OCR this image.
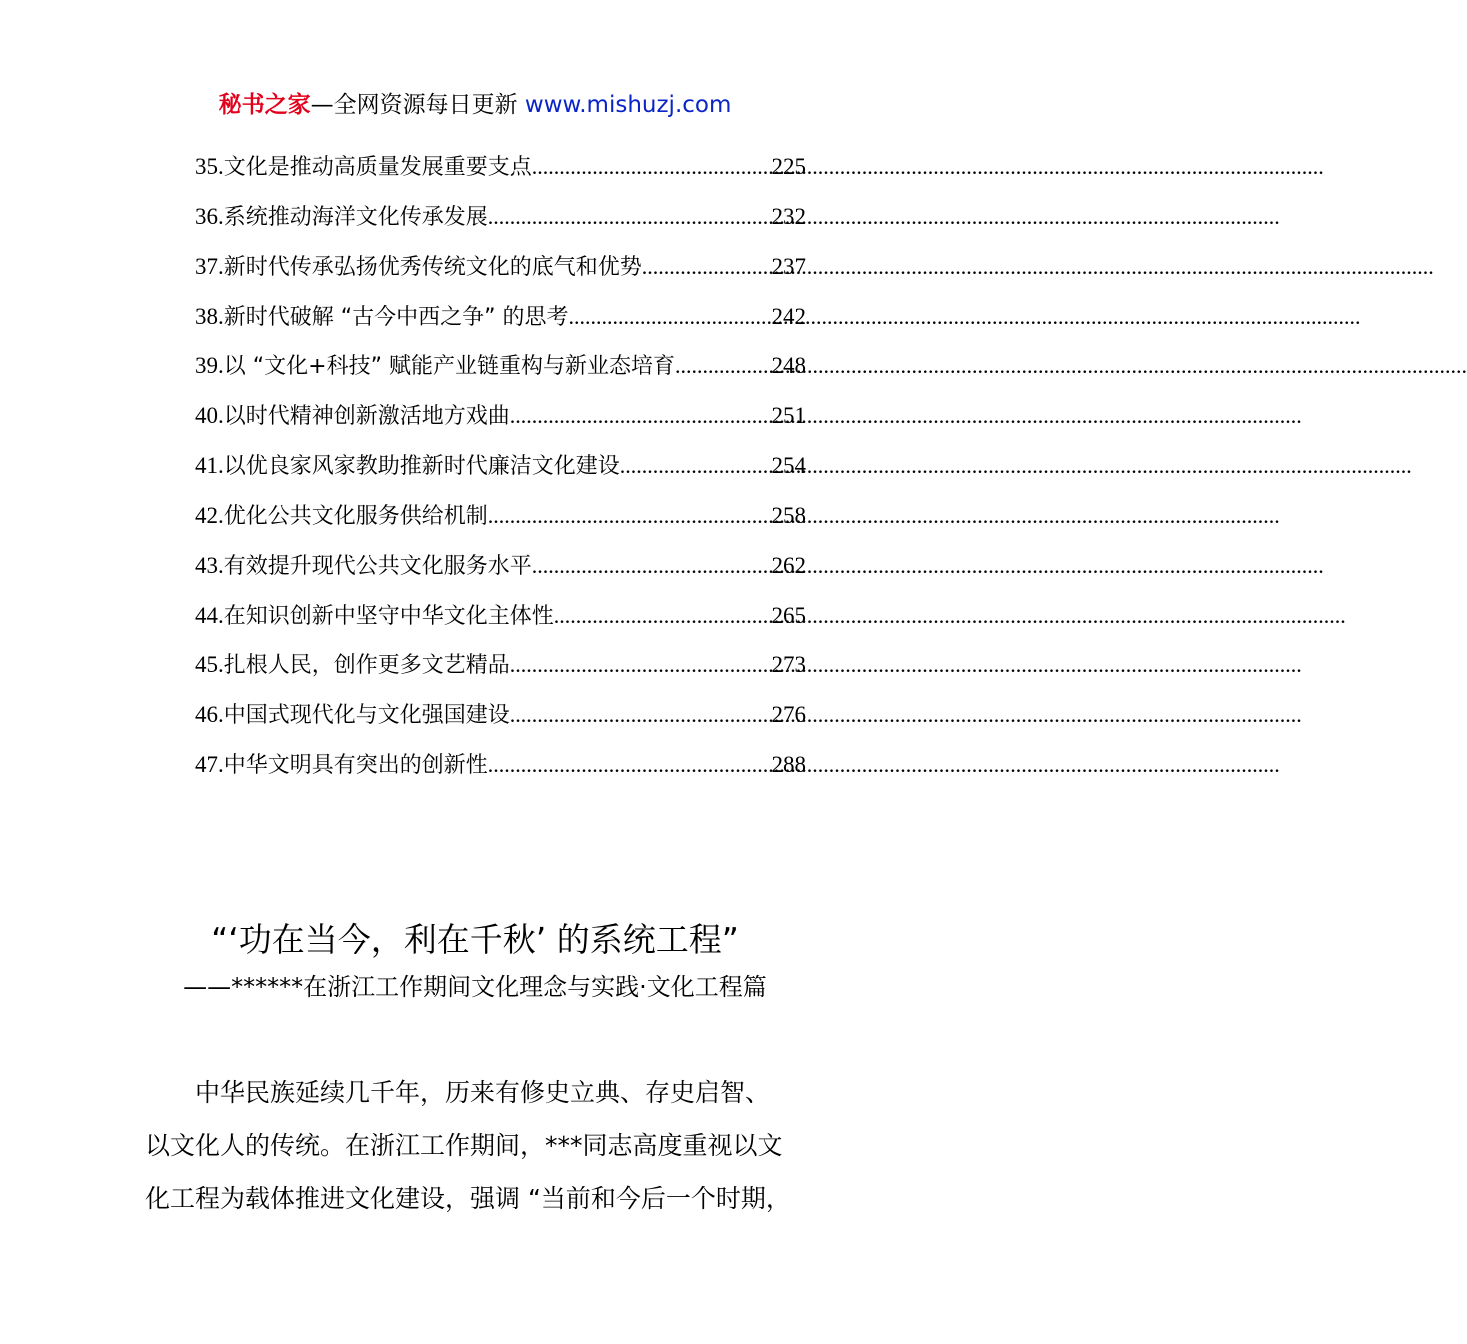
秘书之家—全网资源每日更新 www.mishuzj.com
35. 文化是推动高质量发展重要支点 .....	225
36. 系统推动海洋文化传承发展 .....	232
37. 新时代传承弘扬优秀传统文化的底气和优势 .....	237
38. 新时代破解 “古今中西之争” 的思考 .....	242
39. 以 “文化+科技” 赋能产业链重构与新业态培育 .....	248
40. 以时代精神创新激活地方戏曲 .....	251
41. 以优良家风家教助推新时代廉洁文化建设 .....	254
42. 优化公共文化服务供给机制 .....	258
43. 有效提升现代公共文化服务水平 .....	262
44. 在知识创新中坚守中华文化主体性 .....	265
45. 扎根人民，创作更多文艺精品 .....	273
46. 中国式现代化与文化强国建设 .....	276
47. 中华文明具有突出的创新性 .....	288
“‘功在当今，利在千秋’ 的系统工程”
——******在浙江工作期间文化理念与实践·文化工程篇

中华民族延续几千年，历来有修史立典、存史启智、
以文化人的传统。在浙江工作期间，***同志高度重视以文
化工程为载体推进文化建设，强调 “当前和今后一个时期，
